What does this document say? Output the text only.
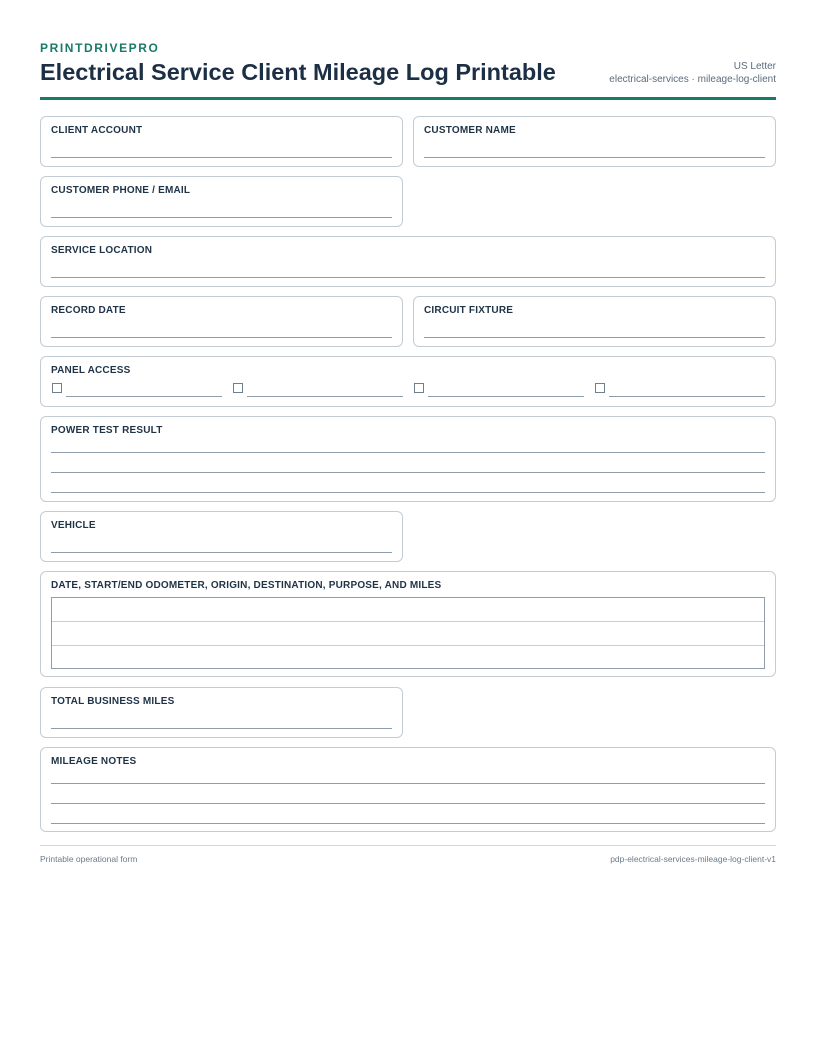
PRINTDRIVEPRO
Electrical Service Client Mileage Log Printable	US Letter
electrical-services · mileage-log-client
CLIENT ACCOUNT	CUSTOMER NAME
CUSTOMER PHONE / EMAIL
SERVICE LOCATION
RECORD DATE	CIRCUIT FIXTURE
PANEL ACCESS
POWER TEST RESULT
VEHICLE
DATE, START/END ODOMETER, ORIGIN, DESTINATION, PURPOSE, AND MILES
TOTAL BUSINESS MILES
MILEAGE NOTES
Printable operational form	pdp-electrical-services-mileage-log-client-v1
